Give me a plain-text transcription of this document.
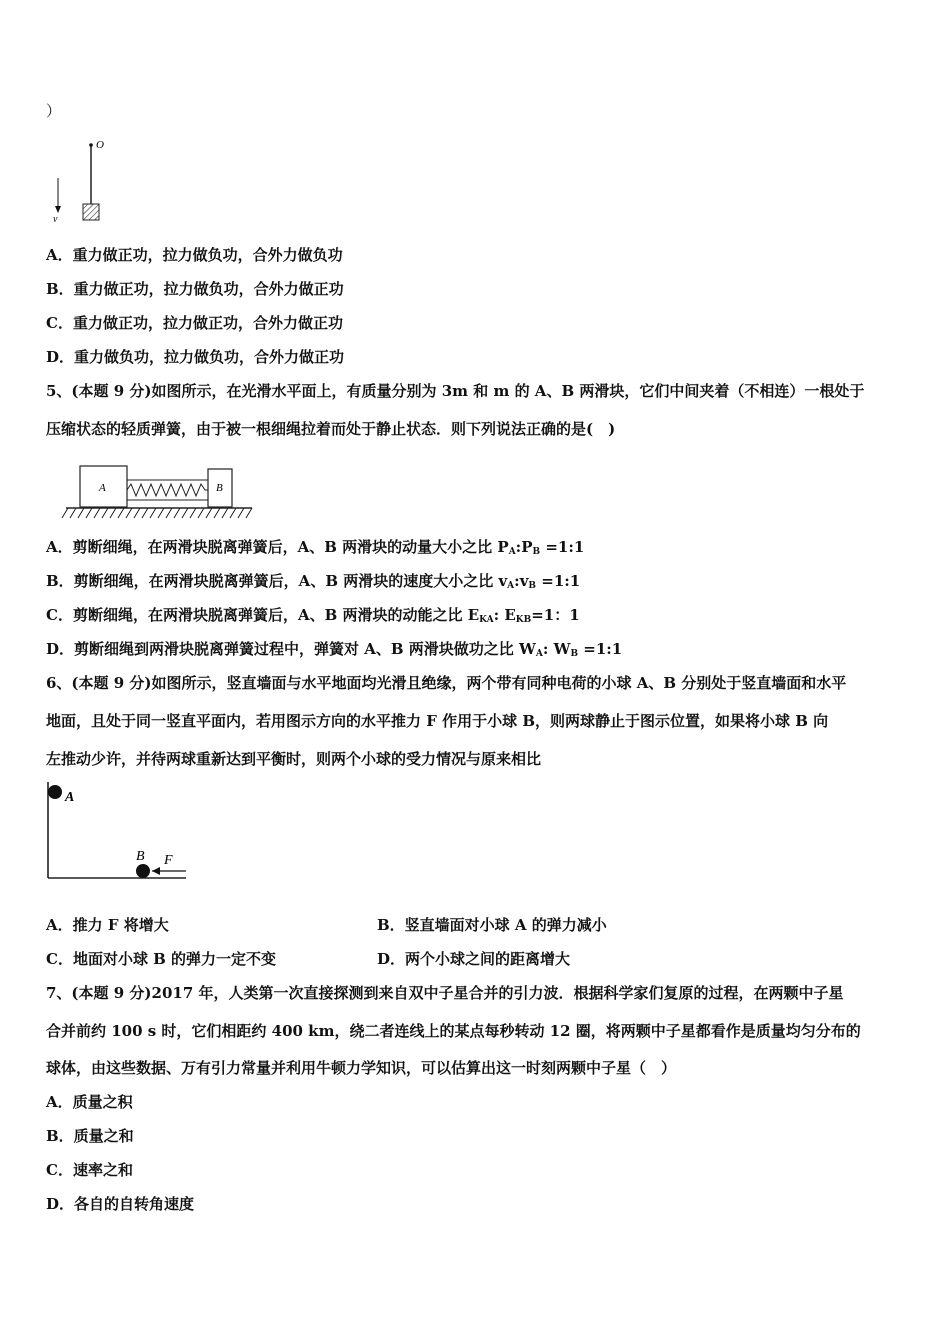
）
O
v
A．重力做正功，拉力做负功，合外力做负功
B．重力做正功，拉力做负功，合外力做正功
C．重力做正功，拉力做正功，合外力做正功
D．重力做负功，拉力做负功，合外力做正功
5、(本题 9 分)如图所示，在光滑水平面上，有质量分别为 3m 和 m 的 A、B 两滑块，它们中间夹着（不相连）一根处于
压缩状态的轻质弹簧，由于被一根细绳拉着而处于静止状态．则下列说法正确的是(　)
A	B
A．剪断细绳，在两滑块脱离弹簧后，A、B 两滑块的动量大小之比 $P_A:P_B$ =1:1
B．剪断细绳，在两滑块脱离弹簧后，A、B 两滑块的速度大小之比 $v_A:v_B$ =1:1
C．剪断细绳，在两滑块脱离弹簧后，A、B 两滑块的动能之比 $E_{KA}$: $E_{KB}=1$：1
D．剪断细绳到两滑块脱离弹簧过程中，弹簧对 A、B 两滑块做功之比 $W_A$: $W_B$ =1:1
6、(本题 9 分)如图所示，竖直墙面与水平地面均光滑且绝缘，两个带有同种电荷的小球 A、B 分别处于竖直墙面和水平
地面，且处于同一竖直平面内，若用图示方向的水平推力 F 作用于小球 B，则两球静止于图示位置，如果将小球 B 向
左推动少许，并待两球重新达到平衡时，则两个小球的受力情况与原来相比
A
B F
A．推力 F 将增大	B．竖直墙面对小球 A 的弹力减小
C．地面对小球 B 的弹力一定不变	D．两个小球之间的距离增大
7、(本题 9 分)2017 年，人类第一次直接探测到来自双中子星合并的引力波．根据科学家们复原的过程，在两颗中子星
合并前约 100 s 时，它们相距约 400 km，绕二者连线上的某点每秒转动 12 圈，将两颗中子星都看作是质量均匀分布的
球体，由这些数据、万有引力常量并利用牛顿力学知识，可以估算出这一时刻两颗中子星（　）
A．质量之积
B．质量之和
C．速率之和
D．各自的自转角速度
